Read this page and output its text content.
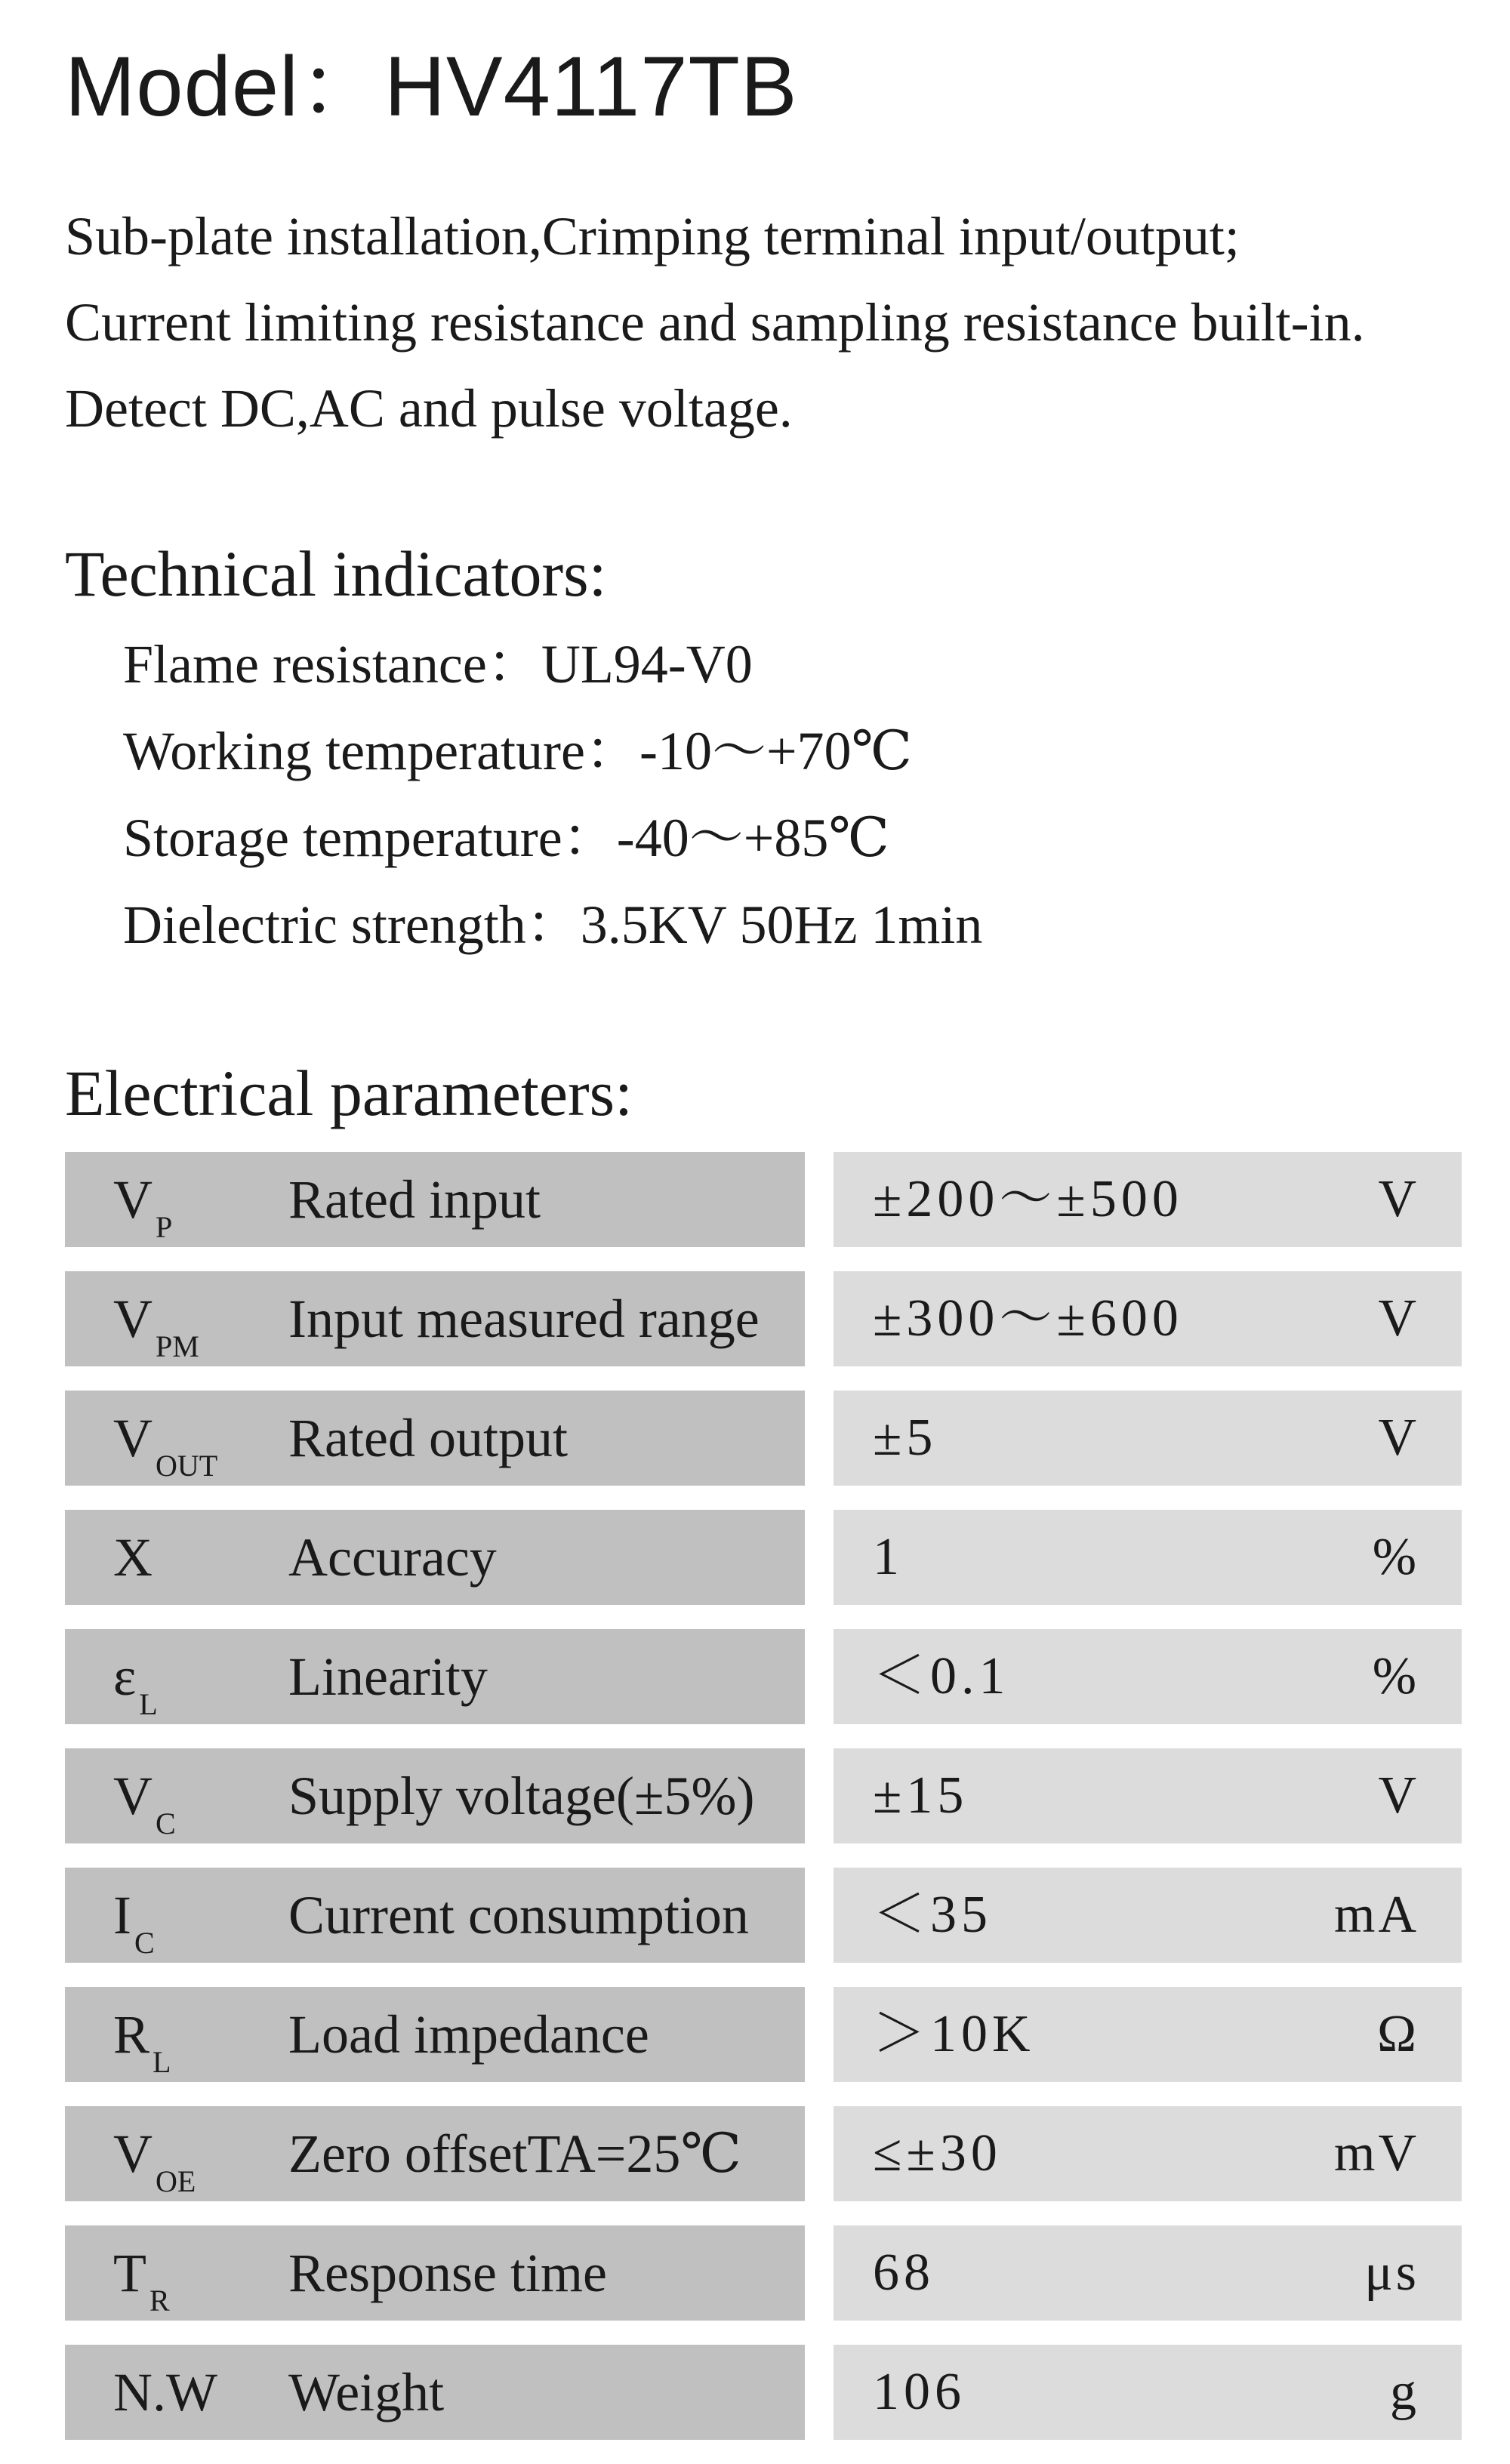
Model：HV4117TB
Sub-plate installation,Crimping terminal input/output;
Current limiting resistance and sampling resistance built-in.
Detect DC,AC and pulse voltage.
Technical indicators:
Flame resistance：UL94-V0
Working temperature：-10～+70℃
Storage temperature：-40～+85℃
Dielectric strength：3.5KV 50Hz 1min
Electrical parameters:
V $_P$ Rated input	±200～±500	V
V $_{PM}$ Input measured range ±300～±600	V
V $_{OUT}$ Rated output	±5	V
X	Accuracy	1	%
ε $_L$ Linearity	＜0.1	%
V $_C$ Supply voltage(±5%) ±15	V
I $_C$ Current consumption ＜35	mA
R $_L$ Load impedance	＞10K	Ω
V $_{OE}$ Zero offsetTA=25℃ ≤±30	mV
T $_R$ Response time	68	μs
N.W Weight	106	g
